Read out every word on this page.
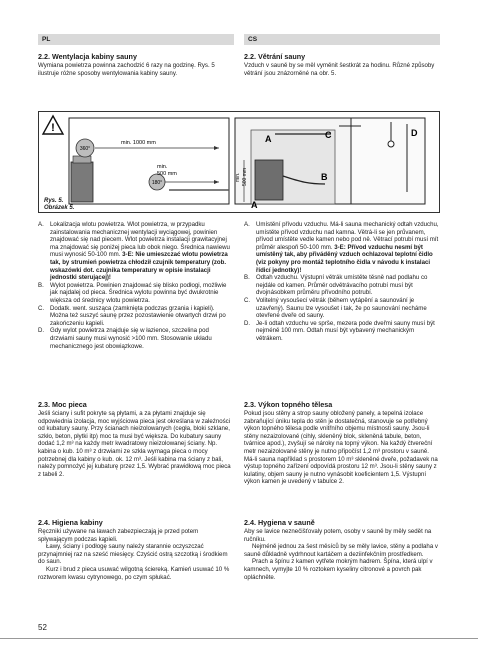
PL	CS
2.2. Wentylacja kabiny sauny

Wymiana powietrza powinna zachodzić 6 razy na godzinę. Rys. 5 ilustruje różne sposoby wentylowania kabiny sauny.

2.2. Větrání sauny

Vzduch v sauně by se měl vyměnit šestkrát za hodinu. Různé způsoby větrání jsou znázorněné na obr. 5.

!
360°
180°
min. 1000 mm
min.
500 mm	min. 500 mm
A
B
C	D
A
Rys. 5.
Obrázek 5.
A. Lokalizacja wlotu powietrza. Wlot powietrza, w przypadku zainstalowania mechanicznej wentylacji wyciągowej, powinien znajdować się nad piecem. Wlot powietrza instalacji grawitacyjnej ma znajdować się poniżej pieca lub obok niego. Średnica nawiewu musi wynosić 50-100 mm. 3-E: Nie umieszczać wlotu powietrza tak, by strumień powietrza chłodził czujnik temperatury (zob. wskazówki dot. czujnika temperatury w opisie instalacji jednostki sterującej)!
B. Wylot powietrza. Powinien znajdować się blisko podłogi, możliwie jak najdalej od pieca. Średnica wylotu powinna być dwukrotnie większa od średnicy wlotu powietrza.
C. Dodatk. went. susząca (zamknięta podczas grzania i kąpieli). Można też suszyć saunę przez pozostawienie otwartych drzwi po zakończeniu kąpieli.
D. Gdy wylot powietrza znajduje się w łazience, szczelina pod drzwiami sauny musi wynosić >100 mm. Stosowanie układu mechanicznego jest obowiązkowe.
A. Umístění přívodu vzduchu. Má-li sauna mechanický odtah vzduchu, umístěte přívod vzduchu nad kamna. Větrá-li se jen průvanem, přívod umístěte vedle kamen nebo pod ně. Větrací potrubí musí mít průměr alespoň 50-100 mm. 3-E: Přívod vzduchu nesmí být umístěný tak, aby přiváděný vzduch ochlazoval teplotní čidlo (viz pokyny pro montáž teplotního čidla v návodu k instalaci řídicí jednotky)!
B. Odtah vzduchu. Výstupní větrák umístěte těsně nad podlahu co nejdále od kamen. Průměr odvětrávacího potrubí musí být dvojnásobkem průměru přívodního potrubí.
C. Volitelný vysoušecí větrák (během vytápění a saunování je uzavřený). Saunu lze vysoušet i tak, že po saunování necháme otevřené dveře od sauny.
D. Je-li odtah vzduchu ve sprše, mezera pode dveřmi sauny musí být nejméně 100 mm. Odtah musí být vybavený mechanickým větrákem.
2.3. Moc pieca

Jeśli ściany i sufit pokryte są płytami, a za płytami znajduje się odpowiednia izolacja, moc wyjściowa pieca jest określana w zależności od kubatury sauny. Przy ścianach nieizolowanych (cegła, bloki szklane, szkło, beton, płytki itp) moc ta musi być większa. Do kubatury sauny dodać 1,2 m³ na każdy metr kwadratowy nieizolowanej ściany. Np. kabina o kub. 10 m³ z drzwiami ze szkła wymaga pieca o mocy potrzebnej dla kabiny o kub. ok. 12 m³. Jeśli kabina ma ściany z bali, należy pomnożyć jej kubaturę przez 1,5. Wybrać prawidłową moc pieca z tabeli 2.

2.3. Výkon topného tělesa

Pokud jsou stěny a strop sauny obložený panely, a tepelná izolace zabraňující úniku tepla do stěn je dostatečná, stanovuje se potřebný výkon topného tělesa podle vnitřního objemu místnosti sauny. Jsou-li stěny nezaizolované (cihly, skleněný blok, skleněná tabule, beton, tvárnice apod.), zvyšují se nároky na topný výkon. Na každý čtvereční metr nezaizolované stěny je nutno připočíst 1,2 m³ prostoru v sauně. Má-li sauna například s prostorem 10 m³ skleněné dveře, požadavek na výstup topného zařízení odpovídá prostoru 12 m³. Jsou-li stěny sauny z kulatiny, objem sauny je nutno vynásobit koeficientem 1,5. Výstupní výkon kamen je uvedený v tabulce 2.

2.4. Higiena kabiny

Ręczniki używane na ławach zabezpieczają je przed potem spływającym podczas kąpieli.

Ławy, ściany i podłogę sauny należy starannie oczyszczać przynajmniej raz na sześć miesięcy. Czyścić ostrą szczotką i środkiem do saun.

Kurz i brud z pieca usuwać wilgotną ściereką. Kamień usuwać 10 % roztworem kwasu cytrynowego, po czym spłukać.

2.4. Hygiena v sauně

Aby se lavice neznečišťovaly potem, osoby v sauně by měly sedět na ručníku.

Nejméně jednou za šest měsíců by se měly lavice, stěny a podlaha v sauně důkladně vydrhnout kartáčem a deziinfekčním prostředkem.

Prach a špínu z kamen vytřete mokrým hadrem. Špína, která ulpí v kamnech, vymyjte 10 % roztokem kyseliny citronové a povrch pak opláchněte.

52
